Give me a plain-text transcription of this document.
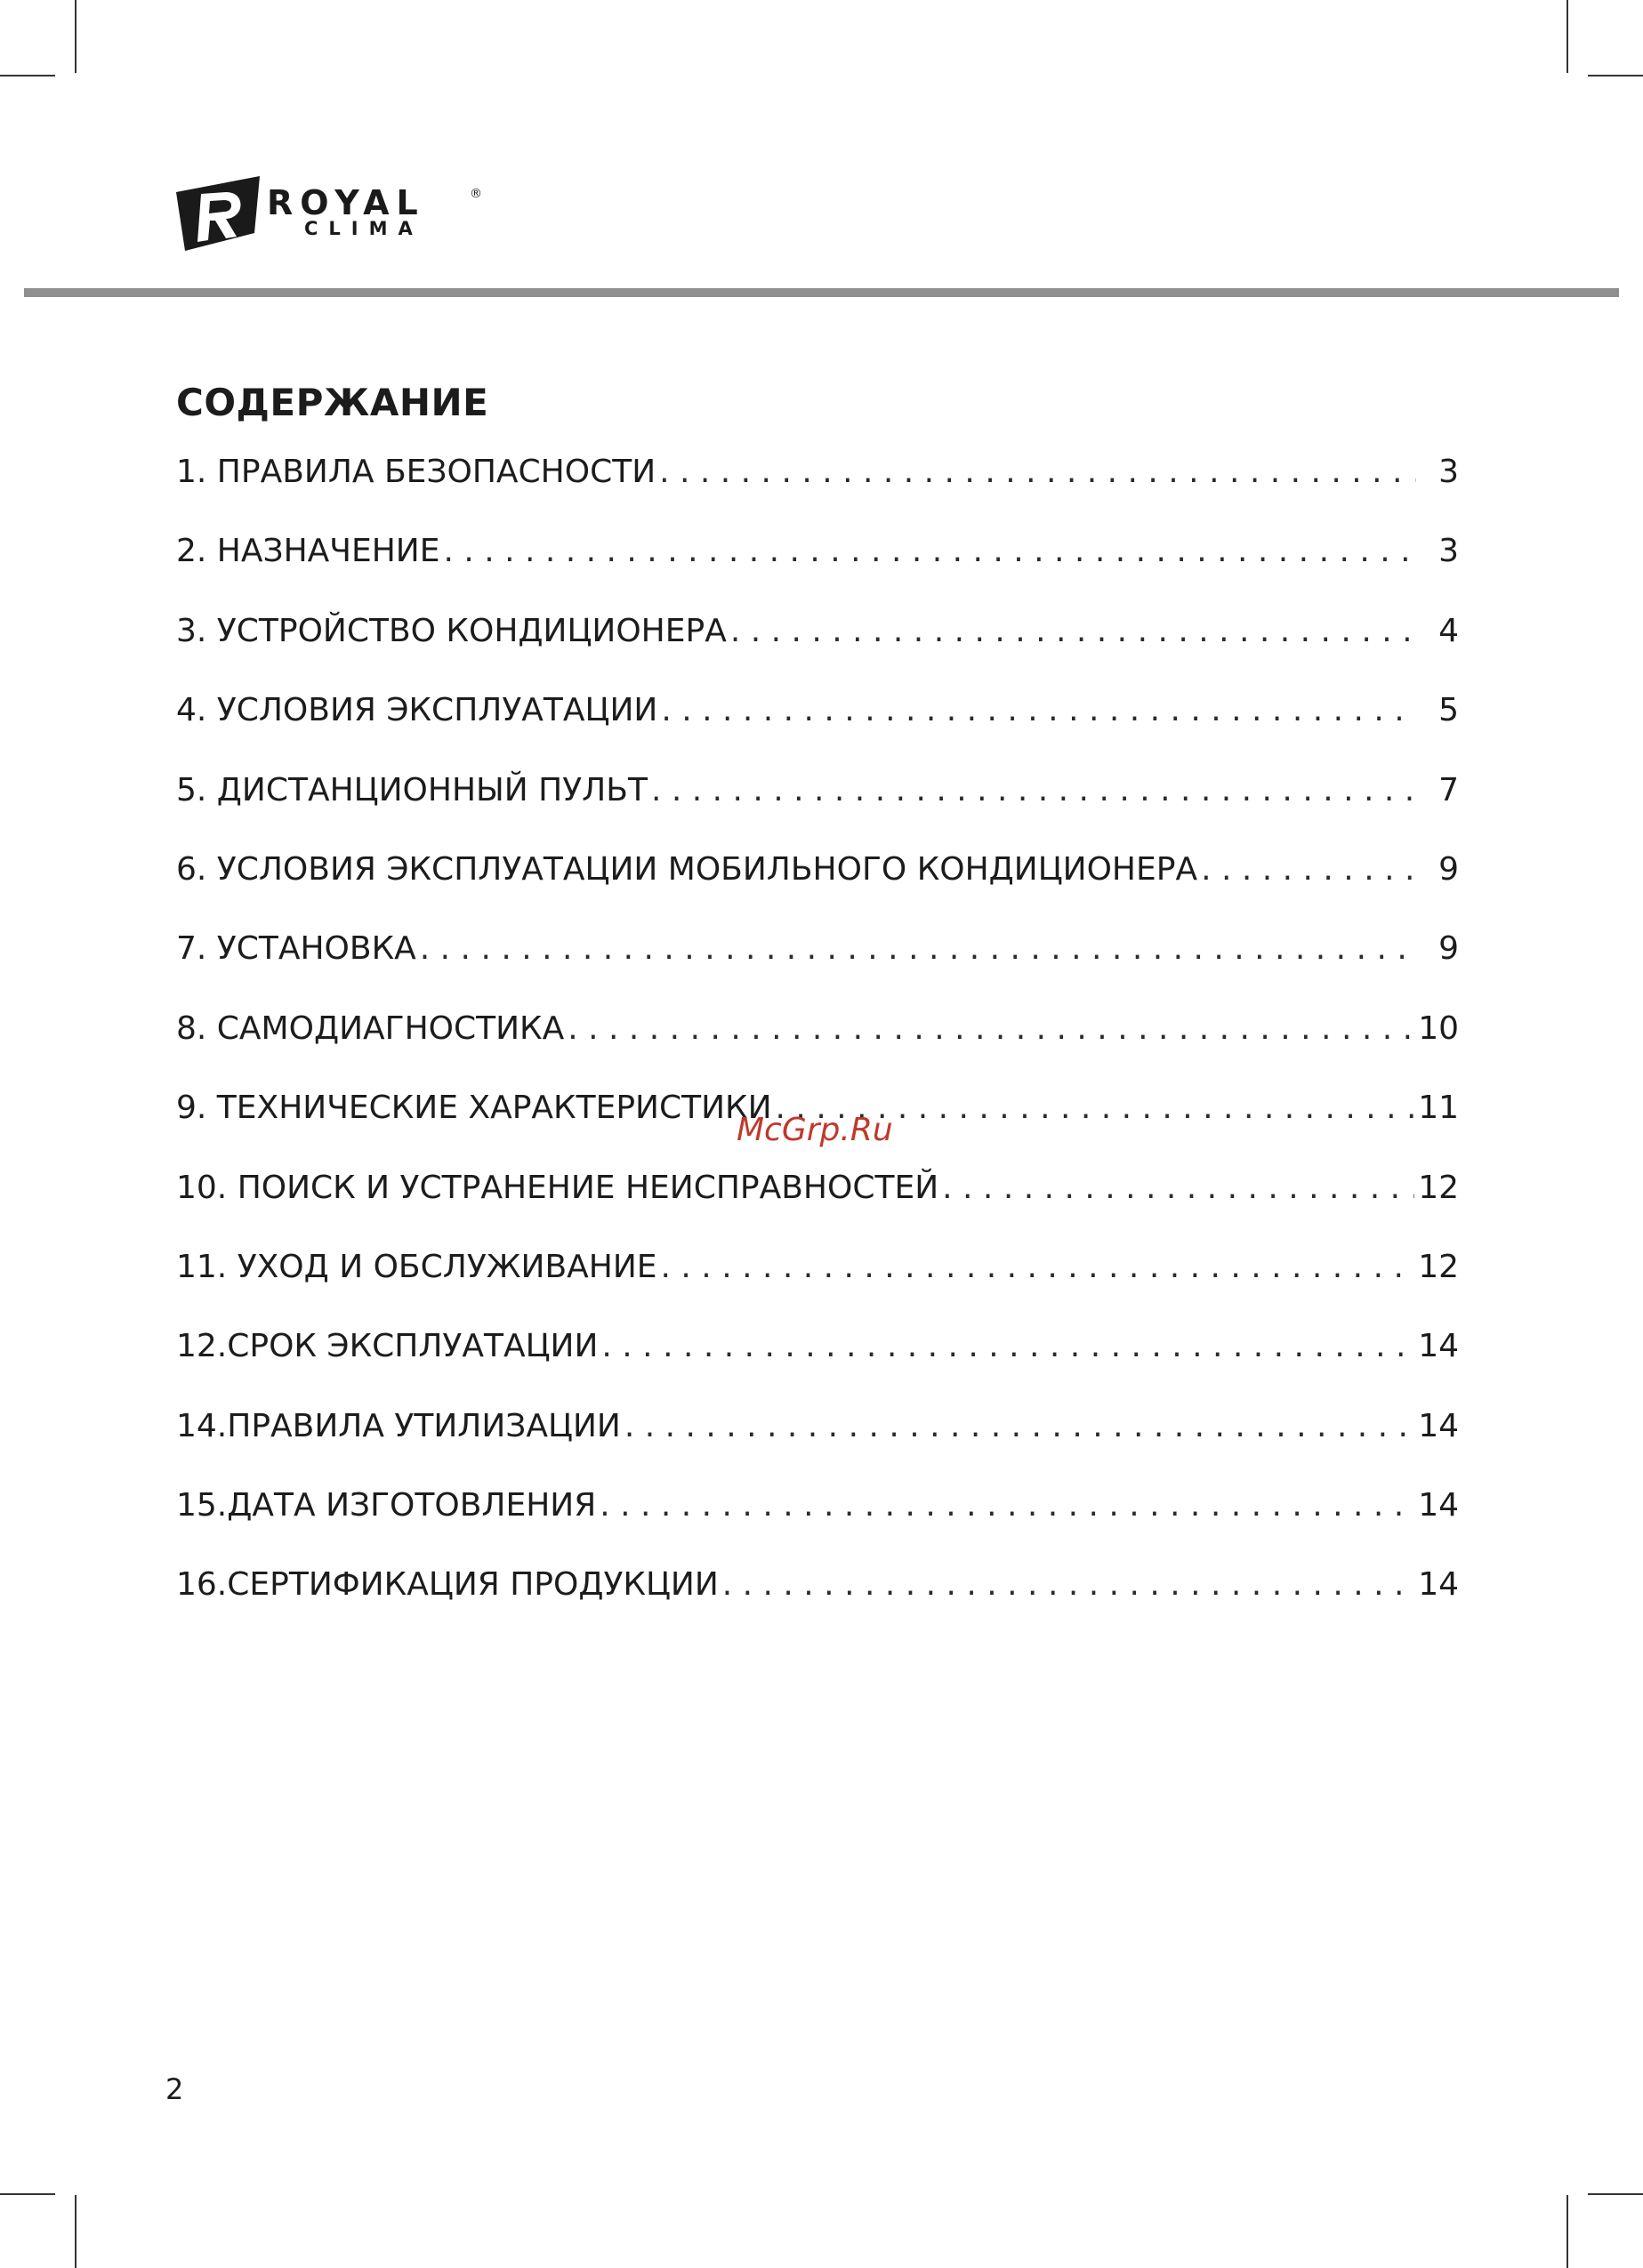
ROYAL	®
CLIMA
СОДЕРЖАНИЕ
1. ПРАВИЛА БЕЗОПАСНОСТИ . . .	3
2. НАЗНАЧЕНИЕ . . .	3
3. УСТРОЙСТВО КОНДИЦИОНЕРА . . .	4
4. УСЛОВИЯ ЭКСПЛУАТАЦИИ . . .	5
5. ДИСТАНЦИОННЫЙ ПУЛЬТ . . .	7
6. УСЛОВИЯ ЭКСПЛУАТАЦИИ МОБИЛЬНОГО КОНДИЦИОНЕРА . . .	9
7. УСТАНОВКА . . .	9
8. САМОДИАГНОСТИКА . . .	10
9. ТЕХНИЧЕСКИЕ ХАРАКТЕРИСТИКИ . . .	11
10. ПОИСК И УСТРАНЕНИЕ НЕИСПРАВНОСТЕЙ . . .	12
11. УХОД И ОБСЛУЖИВАНИЕ . . .	12
12.СРОК ЭКСПЛУАТАЦИИ . . .	14
14.ПРАВИЛА УТИЛИЗАЦИИ . . .	14
15.ДАТА ИЗГОТОВЛЕНИЯ . . .	14
16.СЕРТИФИКАЦИЯ ПРОДУКЦИИ . . .	14
McGrp.Ru
2
